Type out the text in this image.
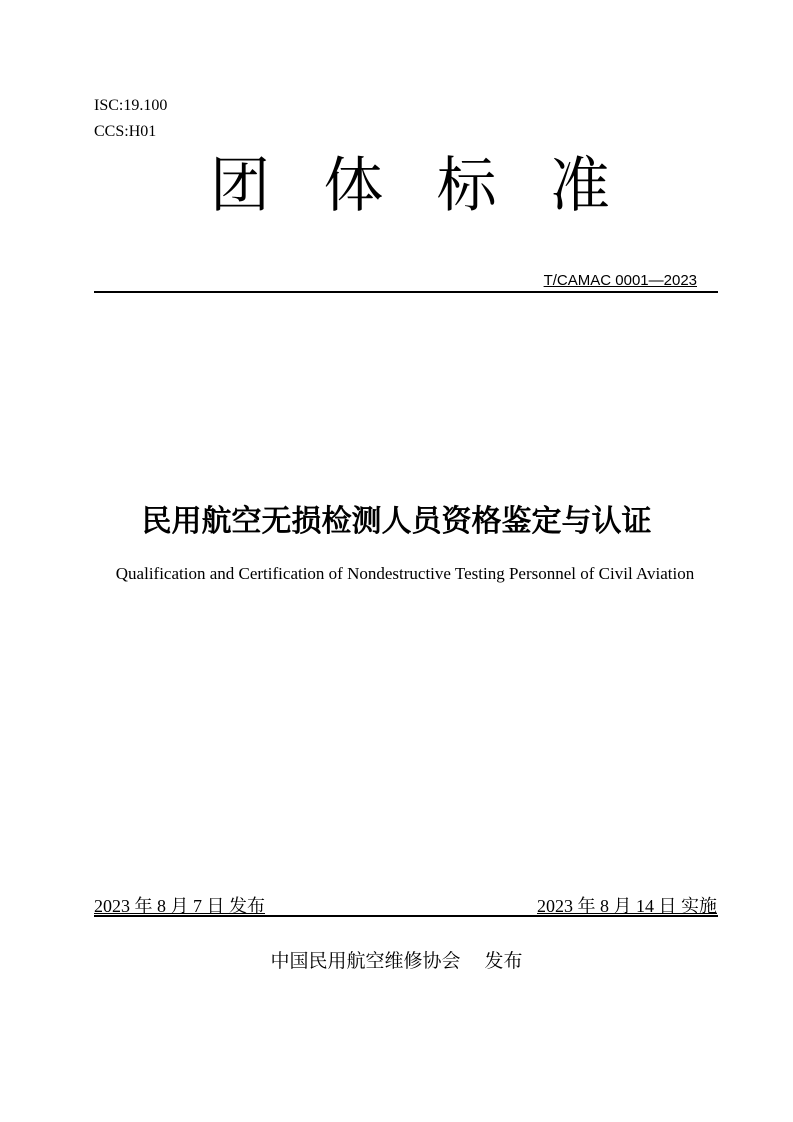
ISC:19.100
CCS:H01
团 体 标 准
T/CAMAC 0001—2023
民用航空无损检测人员资格鉴定与认证
Qualification and Certification of Nondestructive Testing Personnel of Civil Aviation
2023 年 8 月 7 日 发布	2023 年 8 月 14 日 实施
中国民用航空维修协会 发布
